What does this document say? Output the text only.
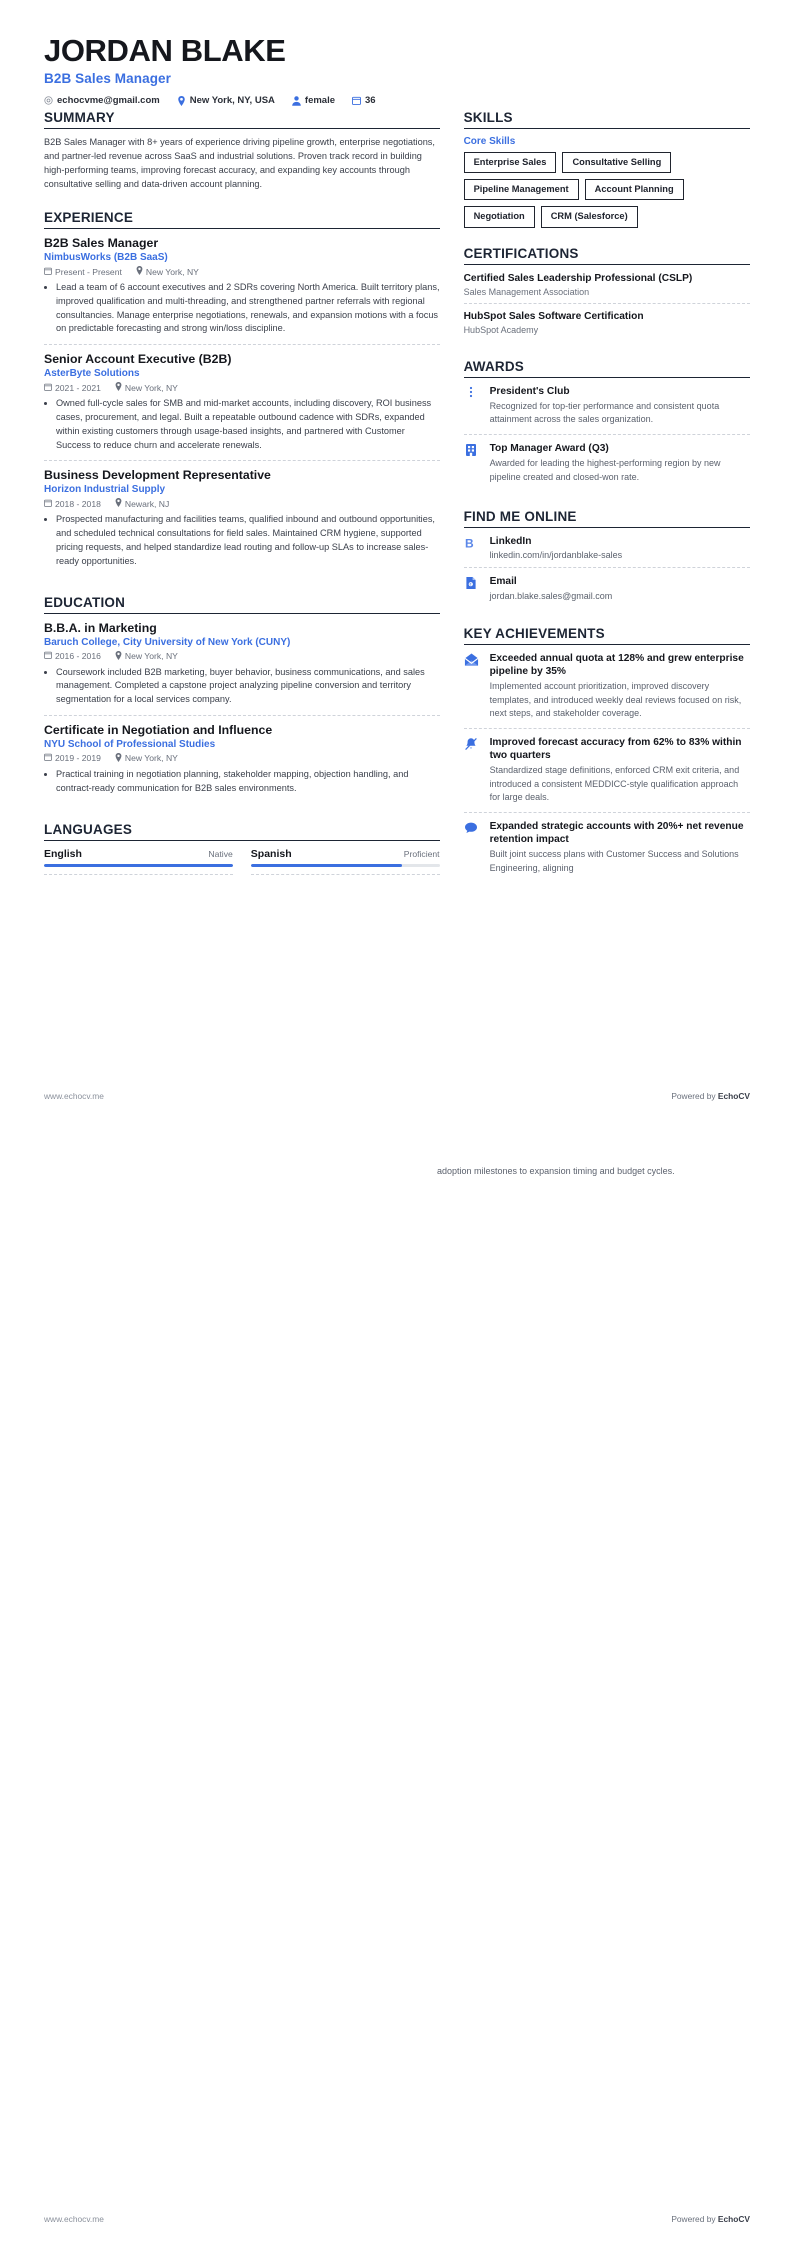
JORDAN BLAKE
B2B Sales Manager
echocvme@gmail.com	New York, NY, USA	female	36
SUMMARY
B2B Sales Manager with 8+ years of experience driving pipeline growth, enterprise negotiations, and partner-led revenue across SaaS and industrial solutions. Proven track record in building high-performing teams, improving forecast accuracy, and expanding key accounts through consultative selling and data-driven account planning.
EXPERIENCE
B2B Sales Manager
NimbusWorks (B2B SaaS)
Present - Present	New York, NY
• Lead a team of 6 account executives and 2 SDRs covering North America. Built territory plans, improved qualification and multi-threading, and strengthened partner referrals with regional consultancies. Manage enterprise negotiations, renewals, and expansion motions with a focus on predictable forecasting and strong win/loss discipline.
Senior Account Executive (B2B)
AsterByte Solutions
2021 - 2021	New York, NY
• Owned full-cycle sales for SMB and mid-market accounts, including discovery, ROI business cases, procurement, and legal. Built a repeatable outbound cadence with SDRs, expanded within existing customers through usage-based insights, and partnered with Customer Success to reduce churn and accelerate renewals.
Business Development Representative
Horizon Industrial Supply
2018 - 2018	Newark, NJ
• Prospected manufacturing and facilities teams, qualified inbound and outbound opportunities, and scheduled technical consultations for field sales. Maintained CRM hygiene, supported pricing requests, and helped standardize lead routing and follow-up SLAs to increase sales-ready opportunities.
EDUCATION
B.B.A. in Marketing
Baruch College, City University of New York (CUNY)
2016 - 2016	New York, NY
• Coursework included B2B marketing, buyer behavior, business communications, and sales management. Completed a capstone project analyzing pipeline conversion and territory segmentation for a local services company.
Certificate in Negotiation and Influence
NYU School of Professional Studies
2019 - 2019	New York, NY
• Practical training in negotiation planning, stakeholder mapping, objection handling, and contract-ready communication for B2B sales environments.
LANGUAGES
English	Native Spanish	Proficient
SKILLS
Core Skills
Enterprise Sales	Consultative Selling
Pipeline Management	Account Planning
Negotiation	CRM (Salesforce)
CERTIFICATIONS
Certified Sales Leadership Professional (CSLP)
Sales Management Association
HubSpot Sales Software Certification
HubSpot Academy
AWARDS
President's Club
Recognized for top-tier performance and consistent quota attainment across the sales organization.
Top Manager Award (Q3)
Awarded for leading the highest-performing region by new pipeline created and closed-won rate.
FIND ME ONLINE
B LinkedIn
linkedin.com/in/jordanblake-sales
€ Email
jordan.blake.sales@gmail.com
KEY ACHIEVEMENTS
Exceeded annual quota at 128% and grew enterprise pipeline by 35%
Implemented account prioritization, improved discovery templates, and introduced weekly deal reviews focused on risk, next steps, and stakeholder coverage.
Improved forecast accuracy from 62% to 83% within two quarters
Standardized stage definitions, enforced CRM exit criteria, and introduced a consistent MEDDICC-style qualification approach for large deals.
Expanded strategic accounts with 20%+ net revenue retention impact
Built joint success plans with Customer Success and Solutions Engineering, aligning
www.echocv.me	Powered by EchoCV
www.echocv.me	Powered by EchoCV
adoption milestones to expansion timing and budget cycles.
